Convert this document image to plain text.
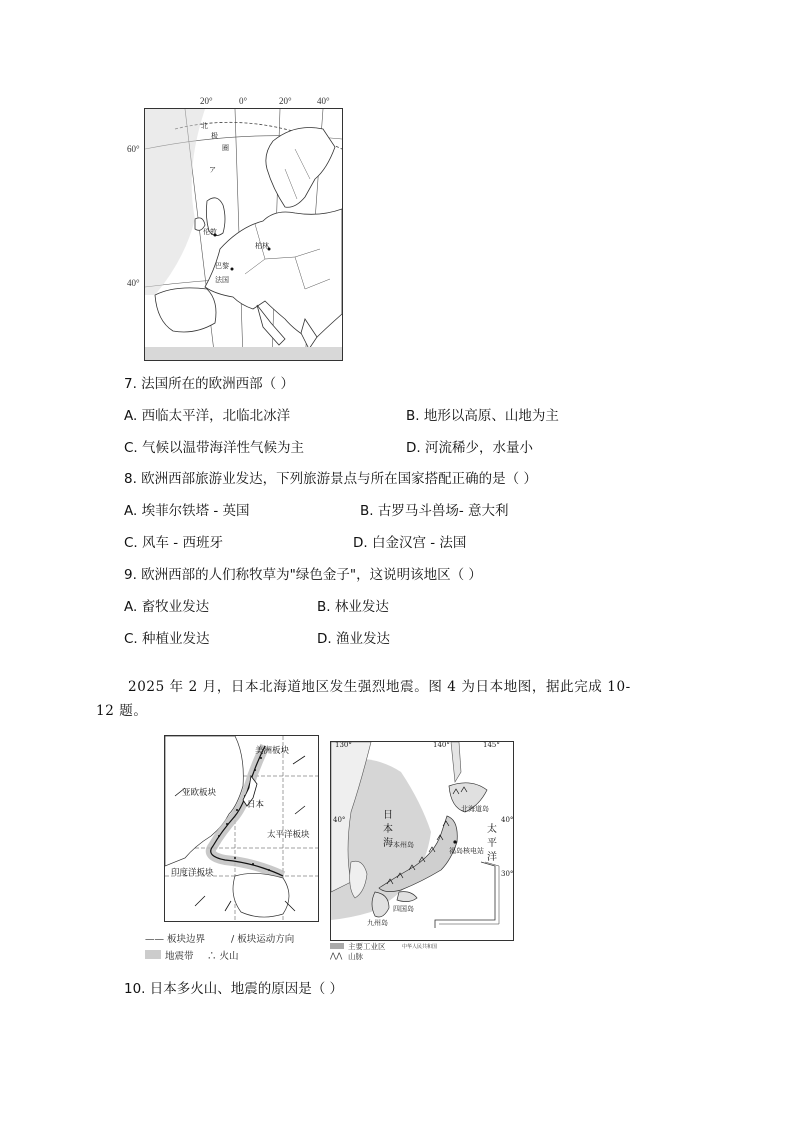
20°	0°	20°	40°
60°
40°
北
极
圈
ア
伦敦
柏林
巴黎
法国
7. 法国所在的欧洲西部（ ）
A. 西临太平洋，北临北冰洋	B. 地形以高原、山地为主
C. 气候以温带海洋性气候为主	D. 河流稀少，水量小
8. 欧洲西部旅游业发达，下列旅游景点与所在国家搭配正确的是（ ）
A. 埃菲尔铁塔 - 英国	B. 古罗马斗兽场- 意大利
C. 风车 - 西班牙	D. 白金汉宫 - 法国
9. 欧洲西部的人们称牧草为"绿色金子"，这说明该地区（ ）
A. 畜牧业发达	B. 林业发达
C. 种植业发达	D. 渔业发达
2025 年 2 月，日本北海道地区发生强烈地震。图 4 为日本地图，据此完成 10-
12 题。
美洲板块
亚欧板块
日本
太平洋板块
印度洋板块
—— 板块边界	/ 板块运动方向
地震带 ∴ 火山
130°	140°	145°
40°	40°
30°
日
本
海
太
平
洋
北海道岛
本州岛
福岛核电站
四国岛
九州岛
主要工业区
⋀⋀ 山脉
中华人民共和国
10. 日本多火山、地震的原因是（ ）
